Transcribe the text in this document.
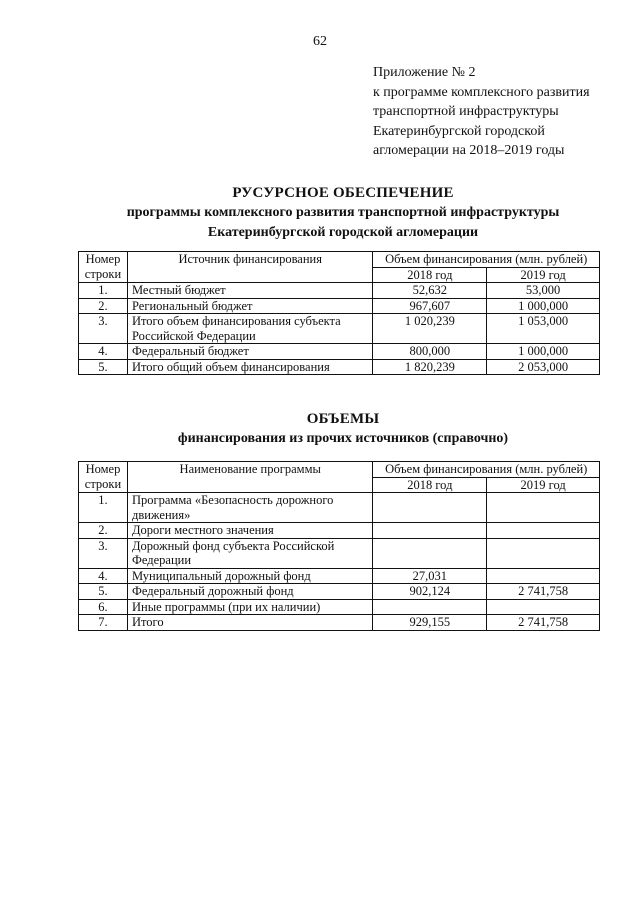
62
Приложение № 2
к программе комплексного развития
транспортной инфраструктуры
Екатеринбургской городской
агломерации на 2018–2019 годы
РУСУРСНОЕ ОБЕСПЕЧЕНИЕ
программы комплексного развития транспортной инфраструктуры
Екатеринбургской городской агломерации
Номер	Источник финансирования	Объем финансирования (млн. рублей)	
строки		2018 год	2019 год
1.	Местный бюджет	52,632	53,000
2.	Региональный бюджет	967,607	1 000,000
3.	Итого объем финансирования субъекта Российской Федерации	1 020,239	1 053,000
4.	Федеральный бюджет	800,000	1 000,000
5.	Итого общий объем финансирования	1 820,239	2 053,000
ОБЪЕМЫ
финансирования из прочих источников (справочно)
Номер	Наименование программы	Объем финансирования (млн. рублей)	
строки		2018 год	2019 год
1.	Программа «Безопасность дорожного движения»		
2.	Дороги местного значения		
3.	Дорожный фонд субъекта Российской Федерации		
4.	Муниципальный дорожный фонд	27,031	
5.	Федеральный дорожный фонд	902,124	2 741,758
6.	Иные программы (при их наличии)		
7.	Итого	929,155	2 741,758
